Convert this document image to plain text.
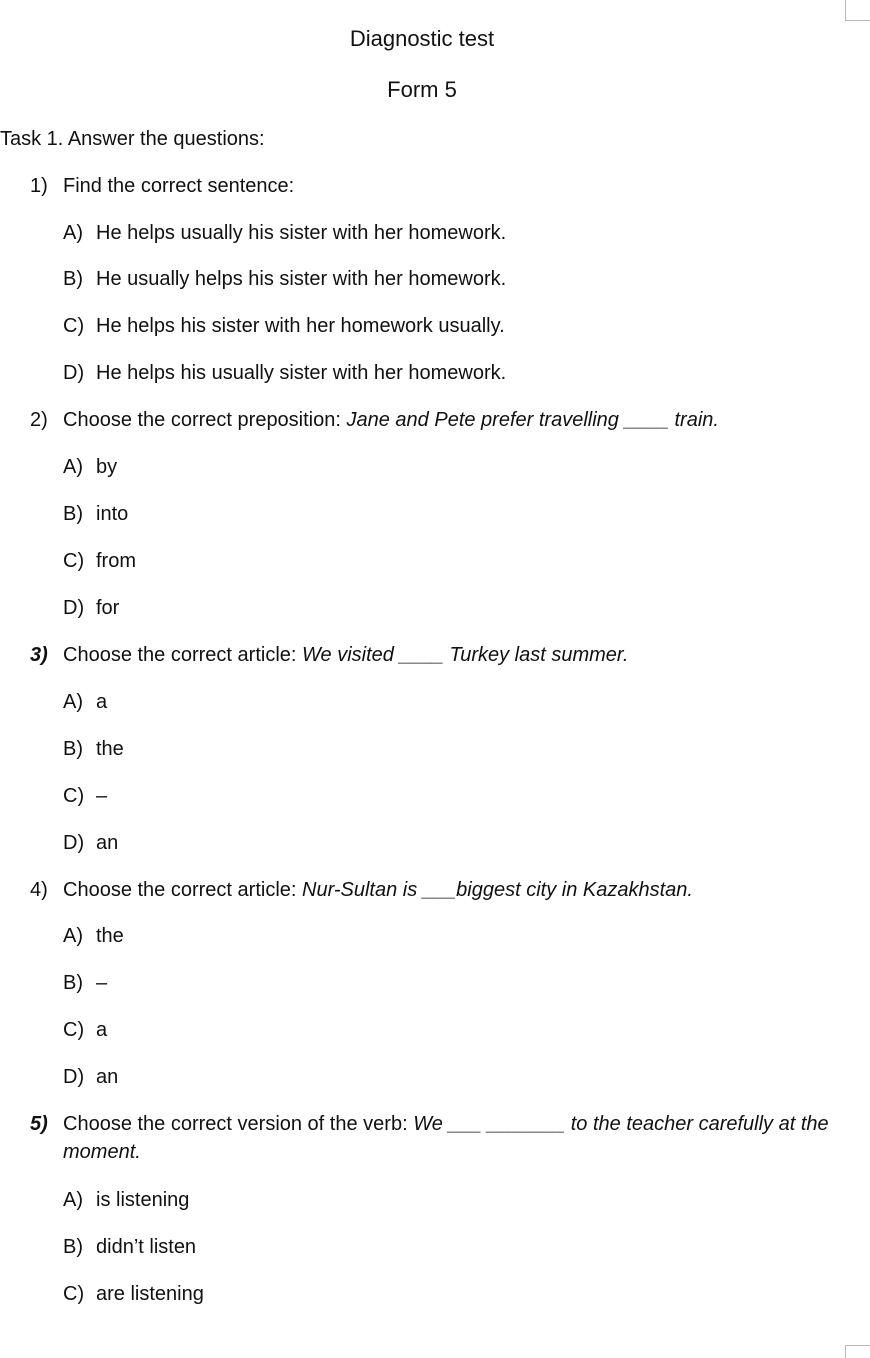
Diagnostic test
Form 5
Task 1. Answer the questions:
1) Find the correct sentence:
A) He helps usually his sister with her homework.
B) He usually helps his sister with her homework.
C) He helps his sister with her homework usually.
D) He helps his usually sister with her homework.
2) Choose the correct preposition: Jane and Pete prefer travelling ____ train.
A) by
B) into
C) from
D) for
3) Choose the correct article: We visited ____ Turkey last summer.
A) a
B) the
C) –
D) an
4) Choose the correct article: Nur-Sultan is ___biggest city in Kazakhstan.
A) the
B) –
C) a
D) an
5) Choose the correct version of the verb: We ___ _______ to the teacher carefully at the moment.
A) is listening
B) didn’t listen
C) are listening
